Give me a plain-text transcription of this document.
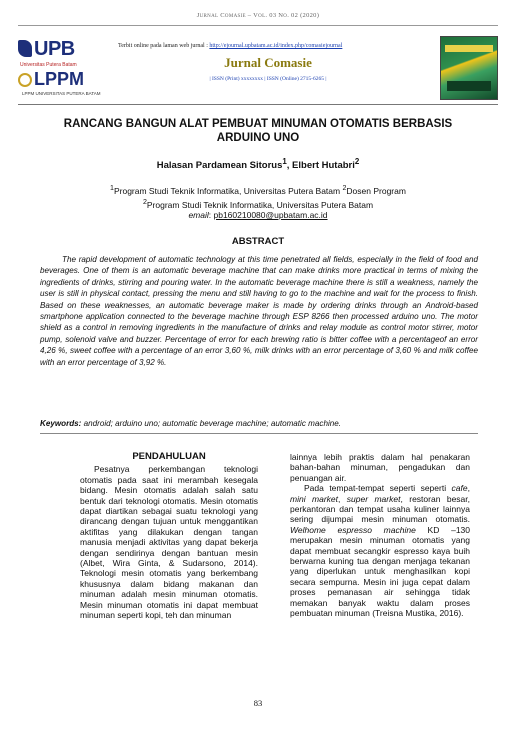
Jurnal Comasie – Vol. 03 No. 02 (2020)
UPB
Universitas Putera Batam
LPPM
LPPM UNIVERSITAS PUTERA BATAM
Terbit online pada laman web jurnal : http://ejournal.upbatam.ac.id/index.php/comasiejournal
Jurnal Comasie
| ISSN (Print) xxxxxxxx | ISSN (Online) 2715-6265 |
RANCANG BANGUN ALAT PEMBUAT MINUMAN OTOMATIS BERBASIS ARDUINO UNO
Halasan Pardamean Sitorus$^1$, Elbert Hutabri$^2$
$^1$Program Studi Teknik Informatika, Universitas Putera Batam $^2$Dosen Program
$^2$Program Studi Teknik Informatika, Universitas Putera Batam
email: pb160210080@upbatam.ac.id
ABSTRACT
The rapid development of automatic technology at this time penetrated all fields, especially in the field of food and beverages. One of them is an automatic beverage machine that can make drinks more practical in terms of mixing the ingredients of drinks, stirring and pouring water. In the automatic beverage machine there is still a weakness, namely the user is still in physical contact, pressing the menu and still having to go to the machine and wait for the process to finish. Based on these weaknesses, an automatic beverage maker is made by ordering drinks through an Android-based smartphone application connected to the beverage machine through ESP 8266 then processed arduino uno. The motor shield as a control in removing ingredients in the manufacture of drinks and relay module as control motor stirrer, motor pump, solenoid valve and buzzer. Percentage of error for each brewing ratio is bitter coffee with a percentageof an error 4,26 %, sweet coffee with a percentage of an error 3,60 %, milk drinks with an error percentage of 3,60 % and milk coffee with an error percentage of 3,92 %.
Keywords: android; arduino uno; automatic beverage machine; automatic machine.
PENDAHULUAN

Pesatnya perkembangan teknologi otomatis pada saat ini merambah kesegala bidang. Mesin otomatis adalah salah satu bentuk dari teknologi otomatis. Mesin otomatis dapat diartikan sebagai suatu teknologi yang dirancang dengan tujuan untuk menggantikan aktifitas yang dilakukan dengan tangan manusia menjadi aktivitas yang dapat bekerja dengan sendirinya dengan bantuan mesin (Albet, Wira Ginta, & Sudarsono, 2014). Teknologi mesin otomatis yang berkembang khususnya dalam bidang makanan dan minuman adalah mesin minuman otomatis. Mesin minuman otomatis ini dapat membuat minuman seperti kopi, teh dan minuman

lainnya lebih praktis dalam hal penakaran bahan-bahan minuman, pengadukan dan penuangan air.

Pada tempat-tempat seperti seperti cafe, mini market, super market, restoran besar, perkantoran dan tempat usaha kuliner lainnya sering dijumpai mesin minuman otomatis. Welhome espresso machine KD –130 merupakan mesin minuman otomatis yang dapat membuat secangkir espresso kaya buih berwarna kuning tua dengan menjaga tekanan yang diperlukan untuk menghasilkan kopi secara sempurna. Mesin ini juga cepat dalam proses pemanasan air sehingga tidak memakan banyak waktu dalam proses pembuatan minuman (Treisna Mustika, 2016).

83
